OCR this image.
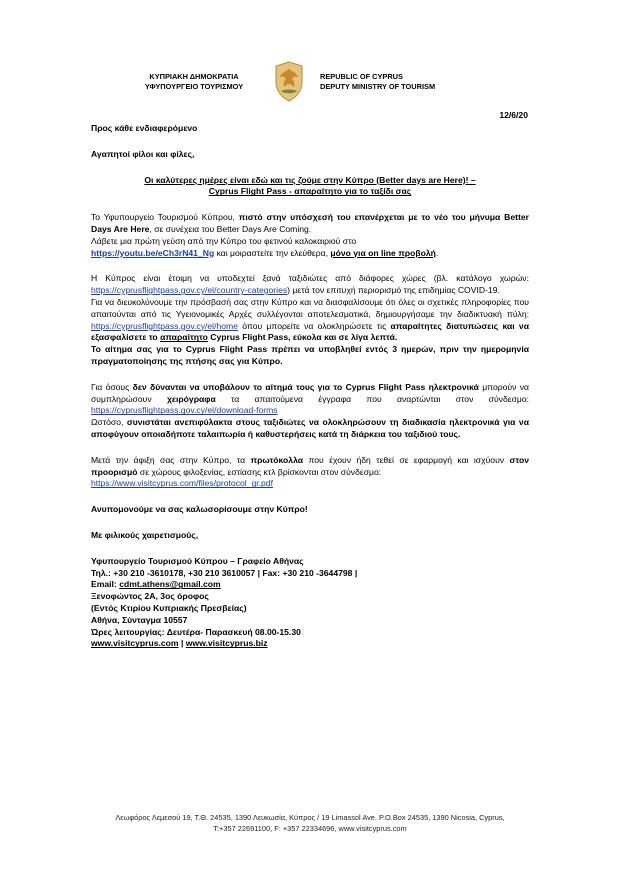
ΚΥΠΡΙΑΚΗ ΔΗΜΟΚΡΑΤΙΑ
ΥΦΥΠΟΥΡΓΕΙΟ ΤΟΥΡΙΣΜΟΥ
REPUBLIC OF CYPRUS
DEPUTY MINISTRY OF TOURISM
12/6/20

Προς κάθε ενδιαφερόμενο

Αγαπητοί φίλοι και φίλες,

Οι καλύτερες ημέρες είναι εδώ και τις ζούμε στην Κύπρο (Better days are Here)! –
Cyprus Flight Pass - απαραίτητο για το ταξίδι σας

Το Υφυπουργείο Τουρισμού Κύπρου, πιστό στην υπόσχεσή του επανέρχεται με το νέο του μήνυμα Better Days Are Here, σε συνέχεια του Better Days Are Coming.
Λάβετε μια πρώτη γεύση από την Κύπρο του φετινού καλοκαιριού στο
https://youtu.be/eCh3rN41_Ng και μοιραστείτε την ελεύθερα, μόνο για on line προβολή.

Η Κύπρος είναι έτοιμη να υποδεχτεί ξανά ταξιδιώτες από διάφορες χώρες (βλ. κατάλογο χωρών: https://cyprusflightpass.gov.cy/el/country-categories) μετά τον επιτυχή περιορισμό της επιδημίας COVID-19.
Για να διευκολύνουμε την πρόσβασή σας στην Κύπρο και να διασφαλίσουμε ότι όλες οι σχετικές πληροφορίες που απαιτούνται από τις Υγειονομικές Αρχές συλλέγονται αποτελεσματικά, δημιουργήσαμε την διαδικτυακή πύλη: https://cyprusflightpass.gov.cy/el/home όπου μπορείτε να ολοκληρώσετε τις απαραίτητες διατυπώσεις και να εξασφαλίσετε το απαραίτητο Cyprus Flight Pass, εύκολα και σε λίγα λεπτά.
Το αίτημα σας για το Cyprus Flight Pass πρέπει να υποβληθεί εντός 3 ημερών, πριν την ημερομηνία πραγματοποίησης της πτήσης σας για Κύπρο.

Για όσους δεν δύνανται να υποβάλουν το αίτημά τους για το Cyprus Flight Pass ηλεκτρονικά μπορούν να συμπληρώσουν χειρόγραφα τα απαιτούμενα έγγραφα που αναρτώνται στον σύνδεσμο: https://cyprusflightpass.gov.cy/el/download-forms
Ωστόσο, συνιστάται ανεπιφύλακτα στους ταξιδιώτες να ολοκληρώσουν τη διαδικασία ηλεκτρονικά για να αποφύγουν οποιαδήποτε ταλαιπωρία ή καθυστερήσεις κατά τη διάρκεια του ταξιδιού τους.

Μετά την άφιξη σας στην Κύπρο, τα πρωτόκολλα που έχουν ήδη τεθεί σε εφαρμογή και ισχύουν στον προορισμό σε χώρους φιλοξενίας, εστίασης κτλ βρίσκονται στον σύνδεσμο:
https://www.visitcyprus.com/files/protocol_gr.pdf

Ανυπομονούμε να σας καλωσορίσουμε στην Κύπρο!

Με φιλικούς χαιρετισμούς,

Υφυπουργείο Τουρισμού Κύπρου – Γραφείο Αθήνας

Τηλ.: +30 210 -3610178, +30 210 3610057 | Fax: +30 210 -3644798 |

Email: cdmt.athens@gmail.com

Ξενοφώντος 2Α, 3ος όροφος

(Εντός Κτιρίου Κυπριακής Πρεσβείας)

Αθήνα, Σύνταγμα 10557

Ώρες λειτουργίας: Δευτέρα- Παρασκευή 08.00-15.30

www.visitcyprus.com | www.visitcyprus.biz

Λεωφόρος Λεμεσού 19, Τ.Θ. 24535, 1390 Λευκωσία, Κύπρος / 19 Limassol Ave. P.O.Box 24535, 1390 Nicosia, Cyprus,
T:+357 22691100, F: +357 22334696, www.visitcyprus.com
